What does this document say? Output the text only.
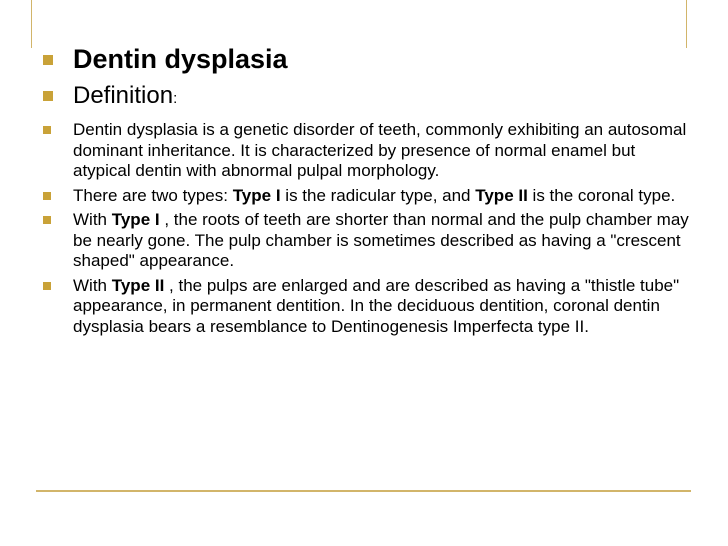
Dentin dysplasia
Definition:
Dentin dysplasia is a genetic disorder of teeth, commonly exhibiting an autosomal dominant inheritance. It is characterized by presence of normal enamel but atypical dentin with abnormal pulpal morphology.
There are two types: Type I is the radicular type, and Type II is the coronal type.
With Type I , the roots of teeth are shorter than normal and the pulp chamber may be nearly gone. The pulp chamber is sometimes described as having a "crescent shaped" appearance.
With Type II , the pulps are enlarged and are described as having a "thistle tube" appearance, in permanent dentition. In the deciduous dentition, coronal dentin dysplasia bears a resemblance to Dentinogenesis Imperfecta type II.
